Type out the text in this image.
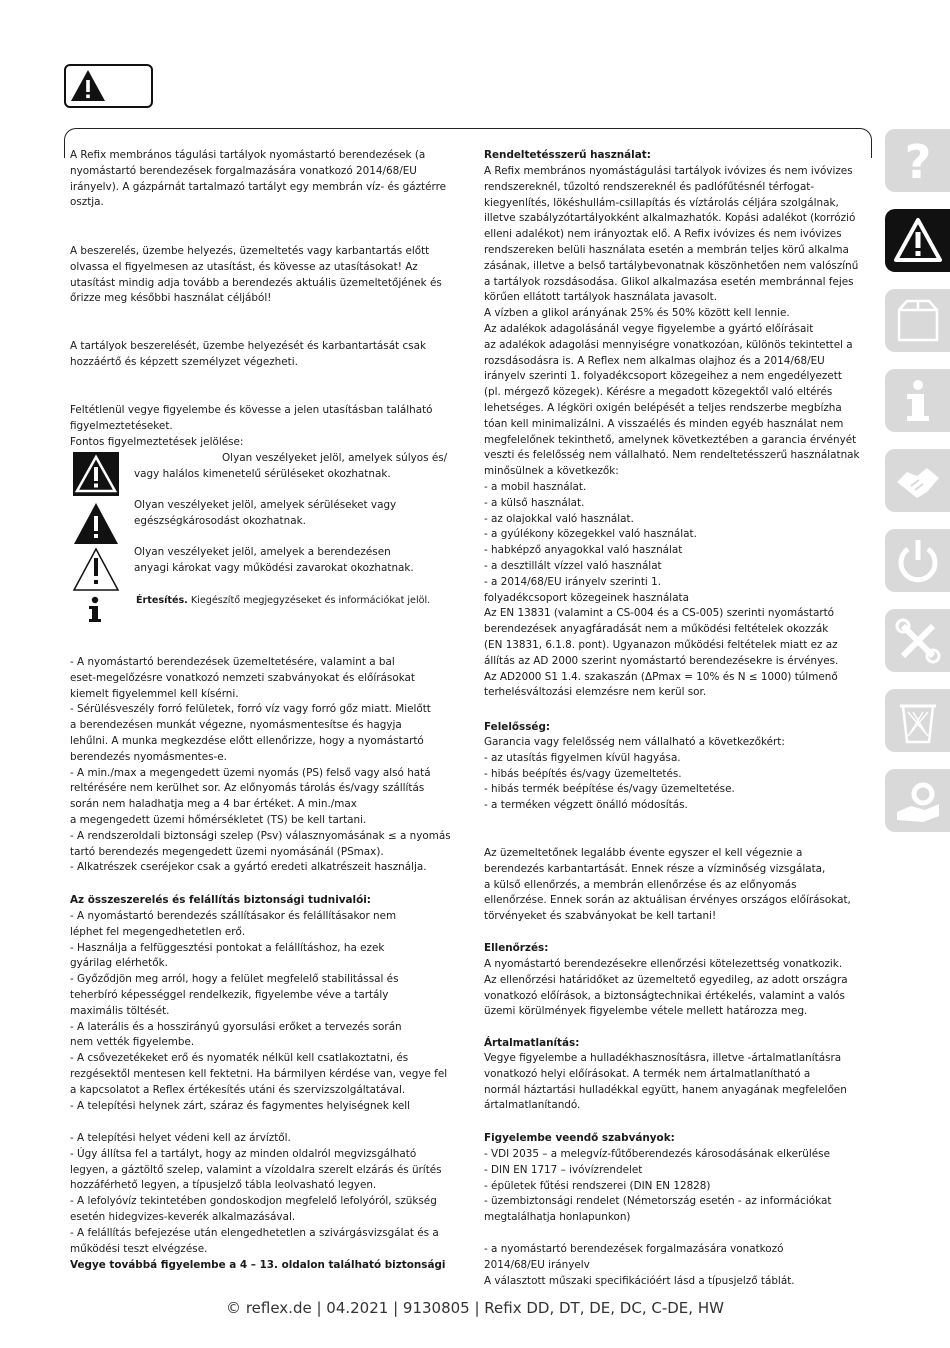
A Refix membrános tágulási tartályok nyomástartó berendezések (a
nyomástartó berendezések forgalmazására vonatkozó 2014/68/EU
irányelv). A gázpárnát tartalmazó tartályt egy membrán víz- és gáztérre
osztja.

A beszerelés, üzembe helyezés, üzemeltetés vagy karbantartás előtt
olvassa el figyelmesen az utasítást, és kövesse az utasításokat! Az
utasítást mindig adja tovább a berendezés aktuális üzemeltetőjének és
őrizze meg későbbi használat céljából!

A tartályok beszerelését, üzembe helyezését és karbantartását csak
hozzáértő és képzett személyzet végezheti.

Feltétlenül vegye figyelembe és kövesse a jelen utasításban található
figyelmeztetéseket.
Fontos figyelmeztetések jelölése:

Olyan veszélyeket jelöl, amelyek súlyos és/
vagy halálos kimenetelű sérüléseket okozhatnak.

Olyan veszélyeket jelöl, amelyek sérüléseket vagy
egészségkárosodást okozhatnak.

Olyan veszélyeket jelöl, amelyek a berendezésen
anyagi károkat vagy működési zavarokat okozhatnak.

Értesítés. Kiegészítő megjegyzéseket és információkat jelöl.

- A nyomástartó berendezések üzemeltetésére, valamint a bal
eset-megelőzésre vonatkozó nemzeti szabványokat és előírásokat
kiemelt figyelemmel kell kísérni.
- Sérülésveszély forró felületek, forró víz vagy forró gőz miatt. Mielőtt
a berendezésen munkát végezne, nyomásmentesítse és hagyja
lehűlni. A munka megkezdése előtt ellenőrizze, hogy a nyomástartó
berendezés nyomásmentes-e.
- A min./max a megengedett üzemi nyomás (PS) felső vagy alsó hatá
reltérésére nem kerülhet sor. Az előnyomás tárolás és/vagy szállítás
során nem haladhatja meg a 4 bar értéket. A min./max
a megengedett üzemi hőmérsékletet (TS) be kell tartani.
- A rendszeroldali biztonsági szelep (Psv) válasznyomásának ≤ a nyomás
tartó berendezés megengedett üzemi nyomásánál (PSmax).
- Alkatrészek cseréjekor csak a gyártó eredeti alkatrészeit használja.

Az összeszerelés és felállítás biztonsági tudnivalói:

- A nyomástartó berendezés szállításakor és felállításakor nem
léphet fel megengedhetetlen erő.
- Használja a felfüggesztési pontokat a felállításhoz, ha ezek
gyárilag elérhetők.
- Győződjön meg arról, hogy a felület megfelelő stabilitással és
teherbíró képességgel rendelkezik, figyelembe véve a tartály
maximális töltését.
- A laterális és a hosszirányú gyorsulási erőket a tervezés során
nem vették figyelembe.
- A csővezetékeket erő és nyomaték nélkül kell csatlakoztatni, és
rezgésektől mentesen kell fektetni. Ha bármilyen kérdése van, vegye fel
a kapcsolatot a Reflex értékesítés utáni és szervizszolgáltatával.
- A telepítési helynek zárt, száraz és fagymentes helyiségnek kell

- A telepítési helyet védeni kell az árvíztől.
- Úgy állítsa fel a tartályt, hogy az minden oldalról megvizsgálható
legyen, a gáztöltő szelep, valamint a vízoldalra szerelt elzárás és ürítés
hozzáférhető legyen, a típusjelző tábla leolvasható legyen.
- A lefolyóvíz tekintetében gondoskodjon megfelelő lefolyóról, szükség
esetén hidegvizes-keverék alkalmazásával.
- A felállítás befejezése után elengedhetetlen a szivárgásvizsgálat és a
működési teszt elvégzése.

Vegye továbbá figyelembe a 4 – 13. oldalon található biztonsági

Rendeltetésszerű használat:

A Refix membrános nyomástágulási tartályok ivóvizes és nem ivóvizes
rendszereknél, tűzoltó rendszereknél és padlófűtésnél térfogat-
kiegyenlítés, lökéshullám-csillapítás és víztárolás céljára szolgálnak,
illetve szabályzótartályokként alkalmazhatók. Kopási adalékot (korrózió
elleni adalékot) nem irányoztak elő. A Refix ivóvizes és nem ivóvizes
rendszereken belüli használata esetén a membrán teljes körű alkalma
zásának, illetve a belső tartálybevonatnak köszönhetően nem valószínű
a tartályok rozsdásodása. Glikol alkalmazása esetén membránnal fejes
körűen ellátott tartályok használata javasolt.
A vízben a glikol arányának 25% és 50% között kell lennie.
Az adalékok adagolásánál vegye figyelembe a gyártó előírásait
az adalékok adagolási mennyiségre vonatkozóan, különös tekintettel a
rozsdásodásra is. A Reflex nem alkalmas olajhoz és a 2014/68/EU
irányelv szerinti 1. folyadékcsoport közegeihez a nem engedélyezett
(pl. mérgező közegek). Kérésre a megadott közegektől való eltérés
lehetséges. A légköri oxigén belépését a teljes rendszerbe megbízha
tóan kell minimalizálni. A visszaélés és minden egyéb használat nem
megfelelőnek tekinthető, amelynek következtében a garancia érvényét
veszti és felelősség nem vállalható. Nem rendeltetésszerű használatnak
minősülnek a következők:
- a mobil használat.
- a külső használat.
- az olajokkal való használat.
- a gyúlékony közegekkel való használat.
- habképző anyagokkal való használat
- a desztillált vízzel való használat
- a 2014/68/EU irányelv szerinti 1.
folyadékcsoport közegeinek használata
Az EN 13831 (valamint a CS-004 és a CS-005) szerinti nyomástartó
berendezések anyagfáradását nem a működési feltételek okozzák
(EN 13831, 6.1.8. pont). Ugyanazon működési feltételek miatt ez az
állítás az AD 2000 szerint nyomástartó berendezésekre is érvényes.
Az AD2000 S1 1.4. szakaszán (ΔPmax = 10% és N ≤ 1000) túlmenő
terhelésváltozási elemzésre nem kerül sor.

Felelősség:

Garancia vagy felelősség nem vállalható a következőkért:
- az utasítás figyelmen kívül hagyása.
- hibás beépítés és/vagy üzemeltetés.
- hibás termék beépítése és/vagy üzemeltetése.
- a terméken végzett önálló módosítás.

Az üzemeltetőnek legalább évente egyszer el kell végeznie a
berendezés karbantartását. Ennek része a vízminőség vizsgálata,
a külső ellenőrzés, a membrán ellenőrzése és az előnyomás
ellenőrzése. Ennek során az aktuálisan érvényes országos előírásokat,
törvényeket és szabványokat be kell tartani!

Ellenőrzés:

A nyomástartó berendezésekre ellenőrzési kötelezettség vonatkozik.
Az ellenőrzési határidőket az üzemeltető egyedileg, az adott országra
vonatkozó előírások, a biztonságtechnikai értékelés, valamint a valós
üzemi körülmények figyelembe vétele mellett határozza meg.

Ártalmatlanítás:

Vegye figyelembe a hulladékhasznosításra, illetve -ártalmatlanításra
vonatkozó helyi előírásokat. A termék nem ártalmatlanítható a
normál háztartási hulladékkal együtt, hanem anyagának megfelelően
ártalmatlanítandó.

Figyelembe veendő szabványok:

- VDI 2035 – a melegvíz-fűtőberendezés károsodásának elkerülése
- DIN EN 1717 – ivóvízrendelet
- épületek fűtési rendszerei (DIN EN 12828)
- üzembiztonsági rendelet (Németország esetén - az információkat
megtalálhatja honlapunkon)

- a nyomástartó berendezések forgalmazására vonatkozó
2014/68/EU irányelv
A választott műszaki specifikációért lásd a típusjelző táblát.

?
© reflex.de | 04.2021 | 9130805 | Refix DD, DT, DE, DC, C-DE, HW
